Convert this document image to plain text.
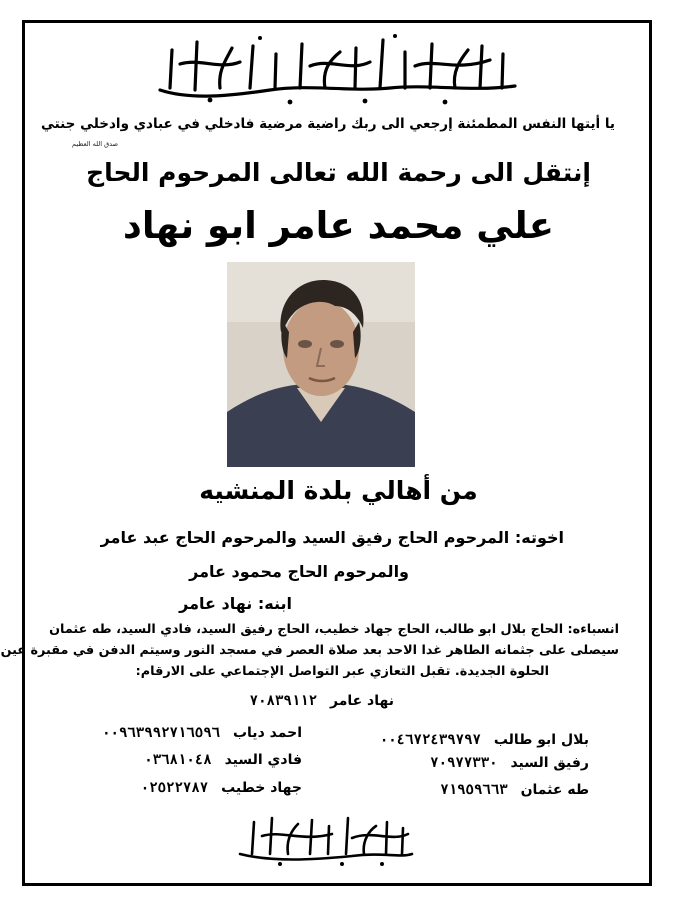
يا أيتها النفس المطمئنة إرجعي الى ربك راضية مرضية فادخلي في عبادي وادخلي جنتي
صدق الله العظيم
إنتقل الى رحمة الله تعالى المرحوم الحاج
علي محمد عامر ابو نهاد
من أهالي بلدة المنشيه
اخوته: المرحوم الحاج رفيق السيد والمرحوم الحاج عبد عامر
والمرحوم الحاج محمود عامر
ابنه: نهاد عامر
انسباءه: الحاج بلال ابو طالب، الحاج جهاد خطيب، الحاج رفيق السيد، فادي السيد، طه عثمان
سيصلى على جثمانه الطاهر غدا الاحد بعد صلاة العصر في مسجد النور وسيتم الدفن في مقبرة عين
الحلوة الجديدة. تقبل التعازي عبر التواصل الإجتماعي على الارقام:
نهاد عامر ٧٠٨٣٩١١٢
بلال ابو طالب ٠٠٤٦٧٢٤٣٩٧٩٧
رفيق السيد ٧٠٩٧٧٣٣٠
طه عثمان ٧١٩٥٩٦٦٣
احمد دياب ٠٠٩٦٣٩٩٢٧١٦٥٩٦
فادي السيد ٠٣٦٨١٠٤٨
جهاد خطيب ٠٢٥٢٢٧٨٧
